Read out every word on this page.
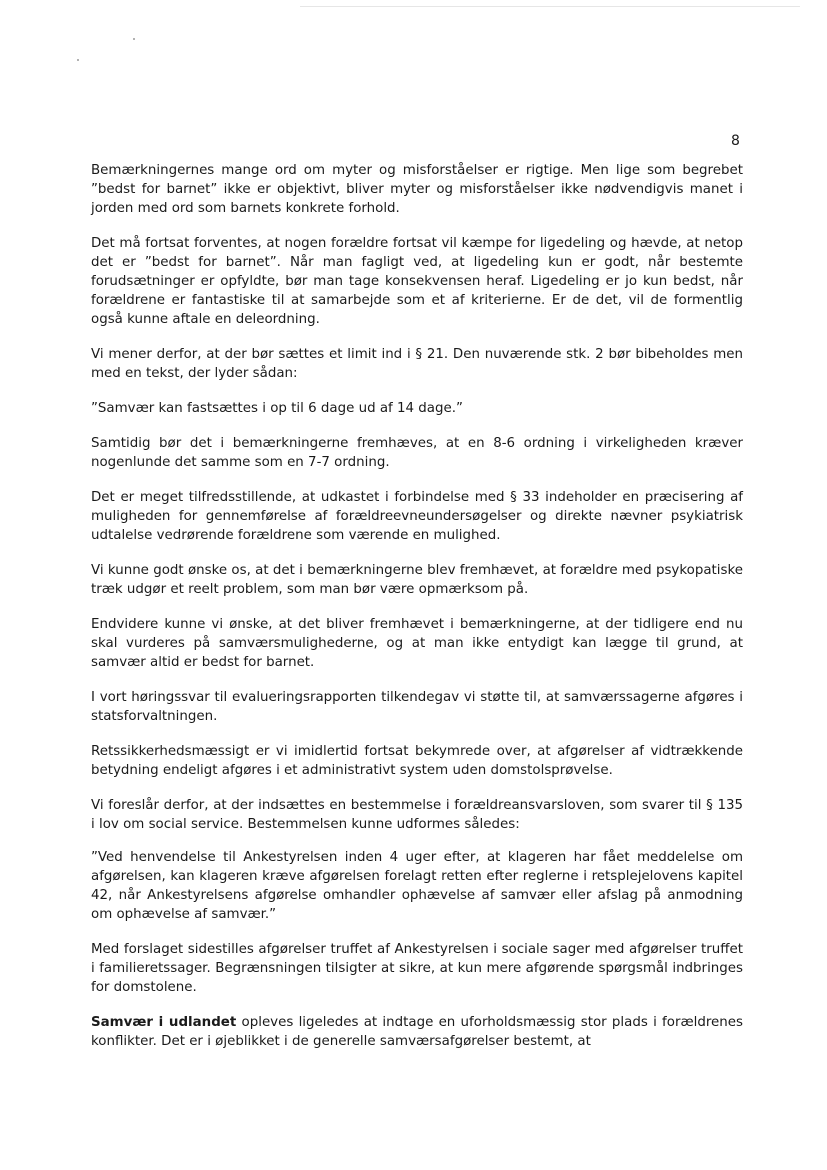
8

Bemærkningernes mange ord om myter og misforståelser er rigtige. Men lige som begrebet ”bedst for barnet” ikke er objektivt, bliver myter og misforståelser ikke nødvendigvis manet i jorden med ord som barnets konkrete forhold.

Det må fortsat forventes, at nogen forældre fortsat vil kæmpe for ligedeling og hævde, at netop det er ”bedst for barnet”. Når man fagligt ved, at ligedeling kun er godt, når bestemte forudsætninger er opfyldte, bør man tage konsekvensen heraf. Ligedeling er jo kun bedst, når forældrene er fantastiske til at samarbejde som et af kriterierne. Er de det, vil de formentlig også kunne aftale en deleordning.

Vi mener derfor, at der bør sættes et limit ind i § 21. Den nuværende stk. 2 bør bibeholdes men med en tekst, der lyder sådan:

”Samvær kan fastsættes i op til 6 dage ud af 14 dage.”

Samtidig bør det i bemærkningerne fremhæves, at en 8-6 ordning i virkeligheden kræver nogenlunde det samme som en 7-7 ordning.

Det er meget tilfredsstillende, at udkastet i forbindelse med § 33 indeholder en præcisering af muligheden for gennemførelse af forældreevneundersøgelser og direkte nævner psykiatrisk udtalelse vedrørende forældrene som værende en mulighed.

Vi kunne godt ønske os, at det i bemærkningerne blev fremhævet, at forældre med psykopatiske træk udgør et reelt problem, som man bør være opmærksom på.

Endvidere kunne vi ønske, at det bliver fremhævet i bemærkningerne, at der tidligere end nu skal vurderes på samværsmulighederne, og at man ikke entydigt kan lægge til grund, at samvær altid er bedst for barnet.

I vort høringssvar til evalueringsrapporten tilkendegav vi støtte til, at samværssagerne afgøres i statsforvaltningen.

Retssikkerhedsmæssigt er vi imidlertid fortsat bekymrede over, at afgørelser af vidtrækkende betydning endeligt afgøres i et administrativt system uden domstolsprøvelse.

Vi foreslår derfor, at der indsættes en bestemmelse i forældreansvarsloven, som svarer til § 135 i lov om social service. Bestemmelsen kunne udformes således:

”Ved henvendelse til Ankestyrelsen inden 4 uger efter, at klageren har fået meddelelse om afgørelsen, kan klageren kræve afgørelsen forelagt retten efter reglerne i retsplejelovens kapitel 42, når Ankestyrelsens afgørelse omhandler ophævelse af samvær eller afslag på anmodning om ophævelse af samvær.”

Med forslaget sidestilles afgørelser truffet af Ankestyrelsen i sociale sager med afgørelser truffet i familieretssager. Begrænsningen tilsigter at sikre, at kun mere afgørende spørgsmål indbringes for domstolene.

Samvær i udlandet opleves ligeledes at indtage en uforholdsmæssig stor plads i forældrenes konflikter. Det er i øjeblikket i de generelle samværsafgørelser bestemt, at
